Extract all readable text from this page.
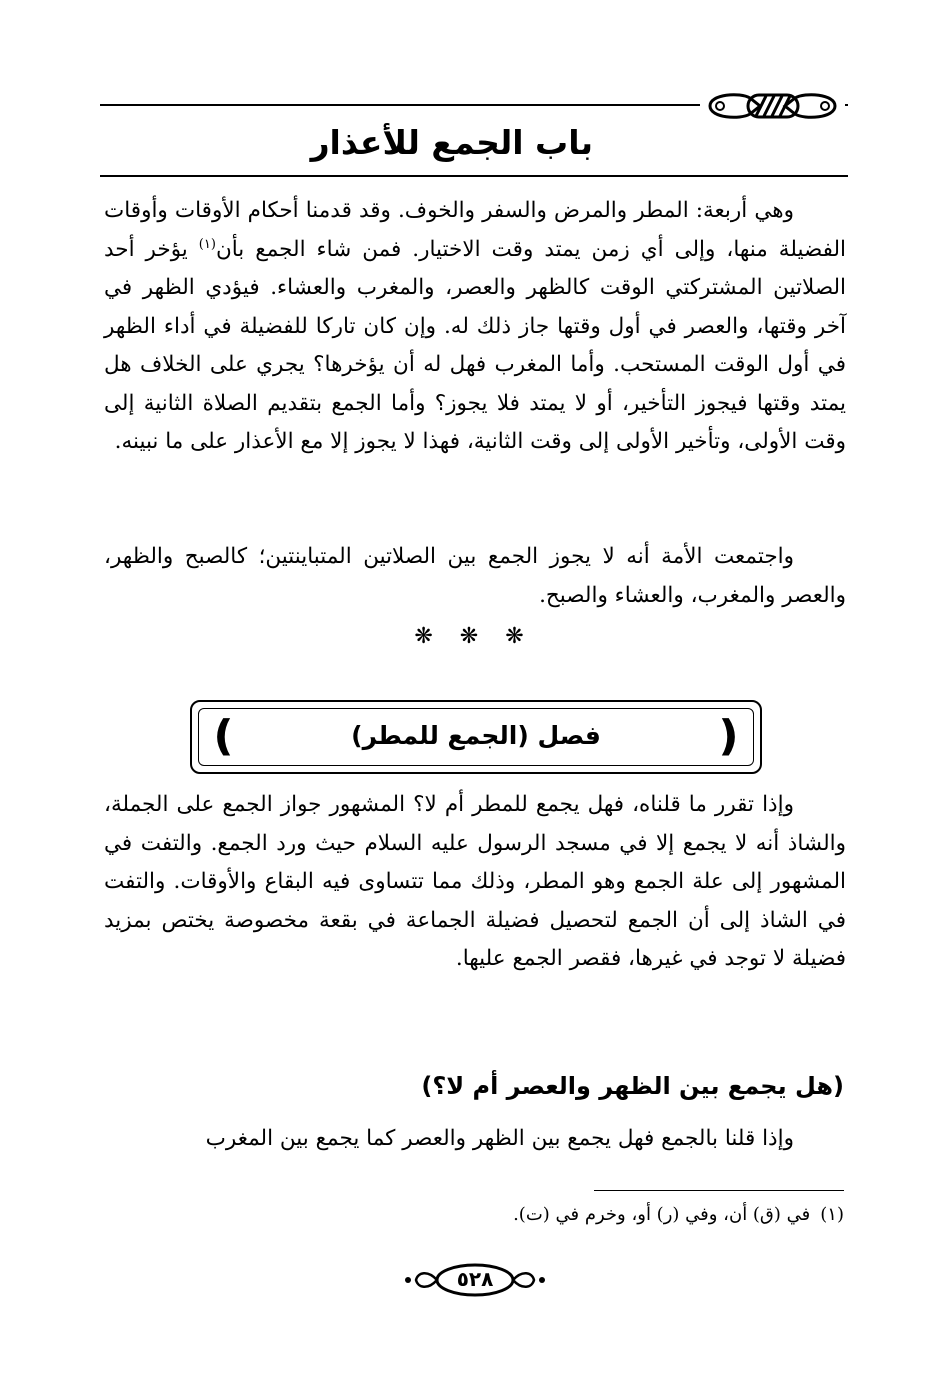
باب الجمع للأعذار
وهي أربعة: المطر والمرض والسفر والخوف. وقد قدمنا أحكام الأوقات وأوقات الفضيلة منها، وإلى أي زمن يمتد وقت الاختيار. فمن شاء الجمع بأن$^{(١)}$ يؤخر أحد الصلاتين المشتركتي الوقت كالظهر والعصر، والمغرب والعشاء. فيؤدي الظهر في آخر وقتها، والعصر في أول وقتها جاز ذلك له. وإن كان تاركا للفضيلة في أداء الظهر في أول الوقت المستحب. وأما المغرب فهل له أن يؤخرها؟ يجري على الخلاف هل يمتد وقتها فيجوز التأخير، أو لا يمتد فلا يجوز؟ وأما الجمع بتقديم الصلاة الثانية إلى وقت الأولى، وتأخير الأولى إلى وقت الثانية، فهذا لا يجوز إلا مع الأعذار على ما نبينه.
واجتمعت الأمة أنه لا يجوز الجمع بين الصلاتين المتباينتين؛ كالصبح والظهر، والعصر والمغرب، والعشاء والصبح.
❋ ❋ ❋
❪
❫	فصل (الجمع للمطر)
وإذا تقرر ما قلناه، فهل يجمع للمطر أم لا؟ المشهور جواز الجمع على الجملة، والشاذ أنه لا يجمع إلا في مسجد الرسول عليه السلام حيث ورد الجمع. والتفت في المشهور إلى علة الجمع وهو المطر، وذلك مما تتساوى فيه البقاع والأوقات. والتفت في الشاذ إلى أن الجمع لتحصيل فضيلة الجماعة في بقعة مخصوصة يختص بمزيد فضيلة لا توجد في غيرها، فقصر الجمع عليها.
(هل يجمع بين الظهر والعصر أم لا؟)
وإذا قلنا بالجمع فهل يجمع بين الظهر والعصر كما يجمع بين المغرب
(١)في (ق) أن، وفي (ر) أو، وخرم في (ت).
٥٢٨
